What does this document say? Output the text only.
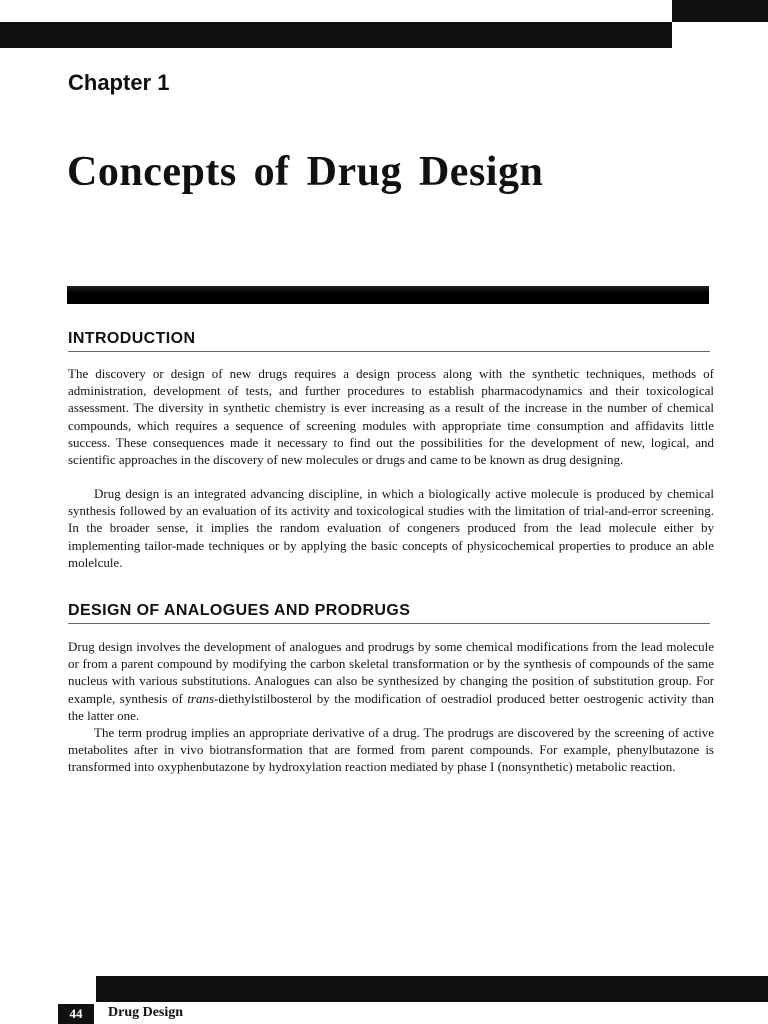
Chapter 1
Concepts of Drug Design
INTRODUCTION

The discovery or design of new drugs requires a design process along with the synthetic techniques, methods of administration, development of tests, and further procedures to establish pharmacodynamics and their toxicological assessment. The diversity in synthetic chemistry is ever increasing as a result of the increase in the number of chemical compounds, which requires a sequence of screening modules with appropriate time consumption and affidavits little success. These consequences made it necessary to find out the possibilities for the development of new, logical, and scientific approaches in the discovery of new molecules or drugs and came to be known as drug designing.

Drug design is an integrated advancing discipline, in which a biologically active molecule is produced by chemical synthesis followed by an evaluation of its activity and toxicological studies with the limitation of trial-and-error screening. In the broader sense, it implies the random evaluation of congeners produced from the lead molecule either by implementing tailor-made techniques or by applying the basic concepts of physicochemical properties to produce an able molelcule.

DESIGN OF ANALOGUES AND PRODRUGS

Drug design involves the development of analogues and prodrugs by some chemical modifications from the lead molecule or from a parent compound by modifying the carbon skeletal transformation or by the synthesis of compounds of the same nucleus with various substitutions. Analogues can also be synthesized by changing the position of substitution group. For example, synthesis of trans-diethylstilbosterol by the modification of oestradiol produced better oestrogenic activity than the latter one.

The term prodrug implies an appropriate derivative of a drug. The prodrugs are discovered by the screening of active metabolites after in vivo biotransformation that are formed from parent compounds. For example, phenylbutazone is transformed into oxyphenbutazone by hydroxylation reaction mediated by phase I (nonsynthetic) metabolic reaction.

44	Drug Design
